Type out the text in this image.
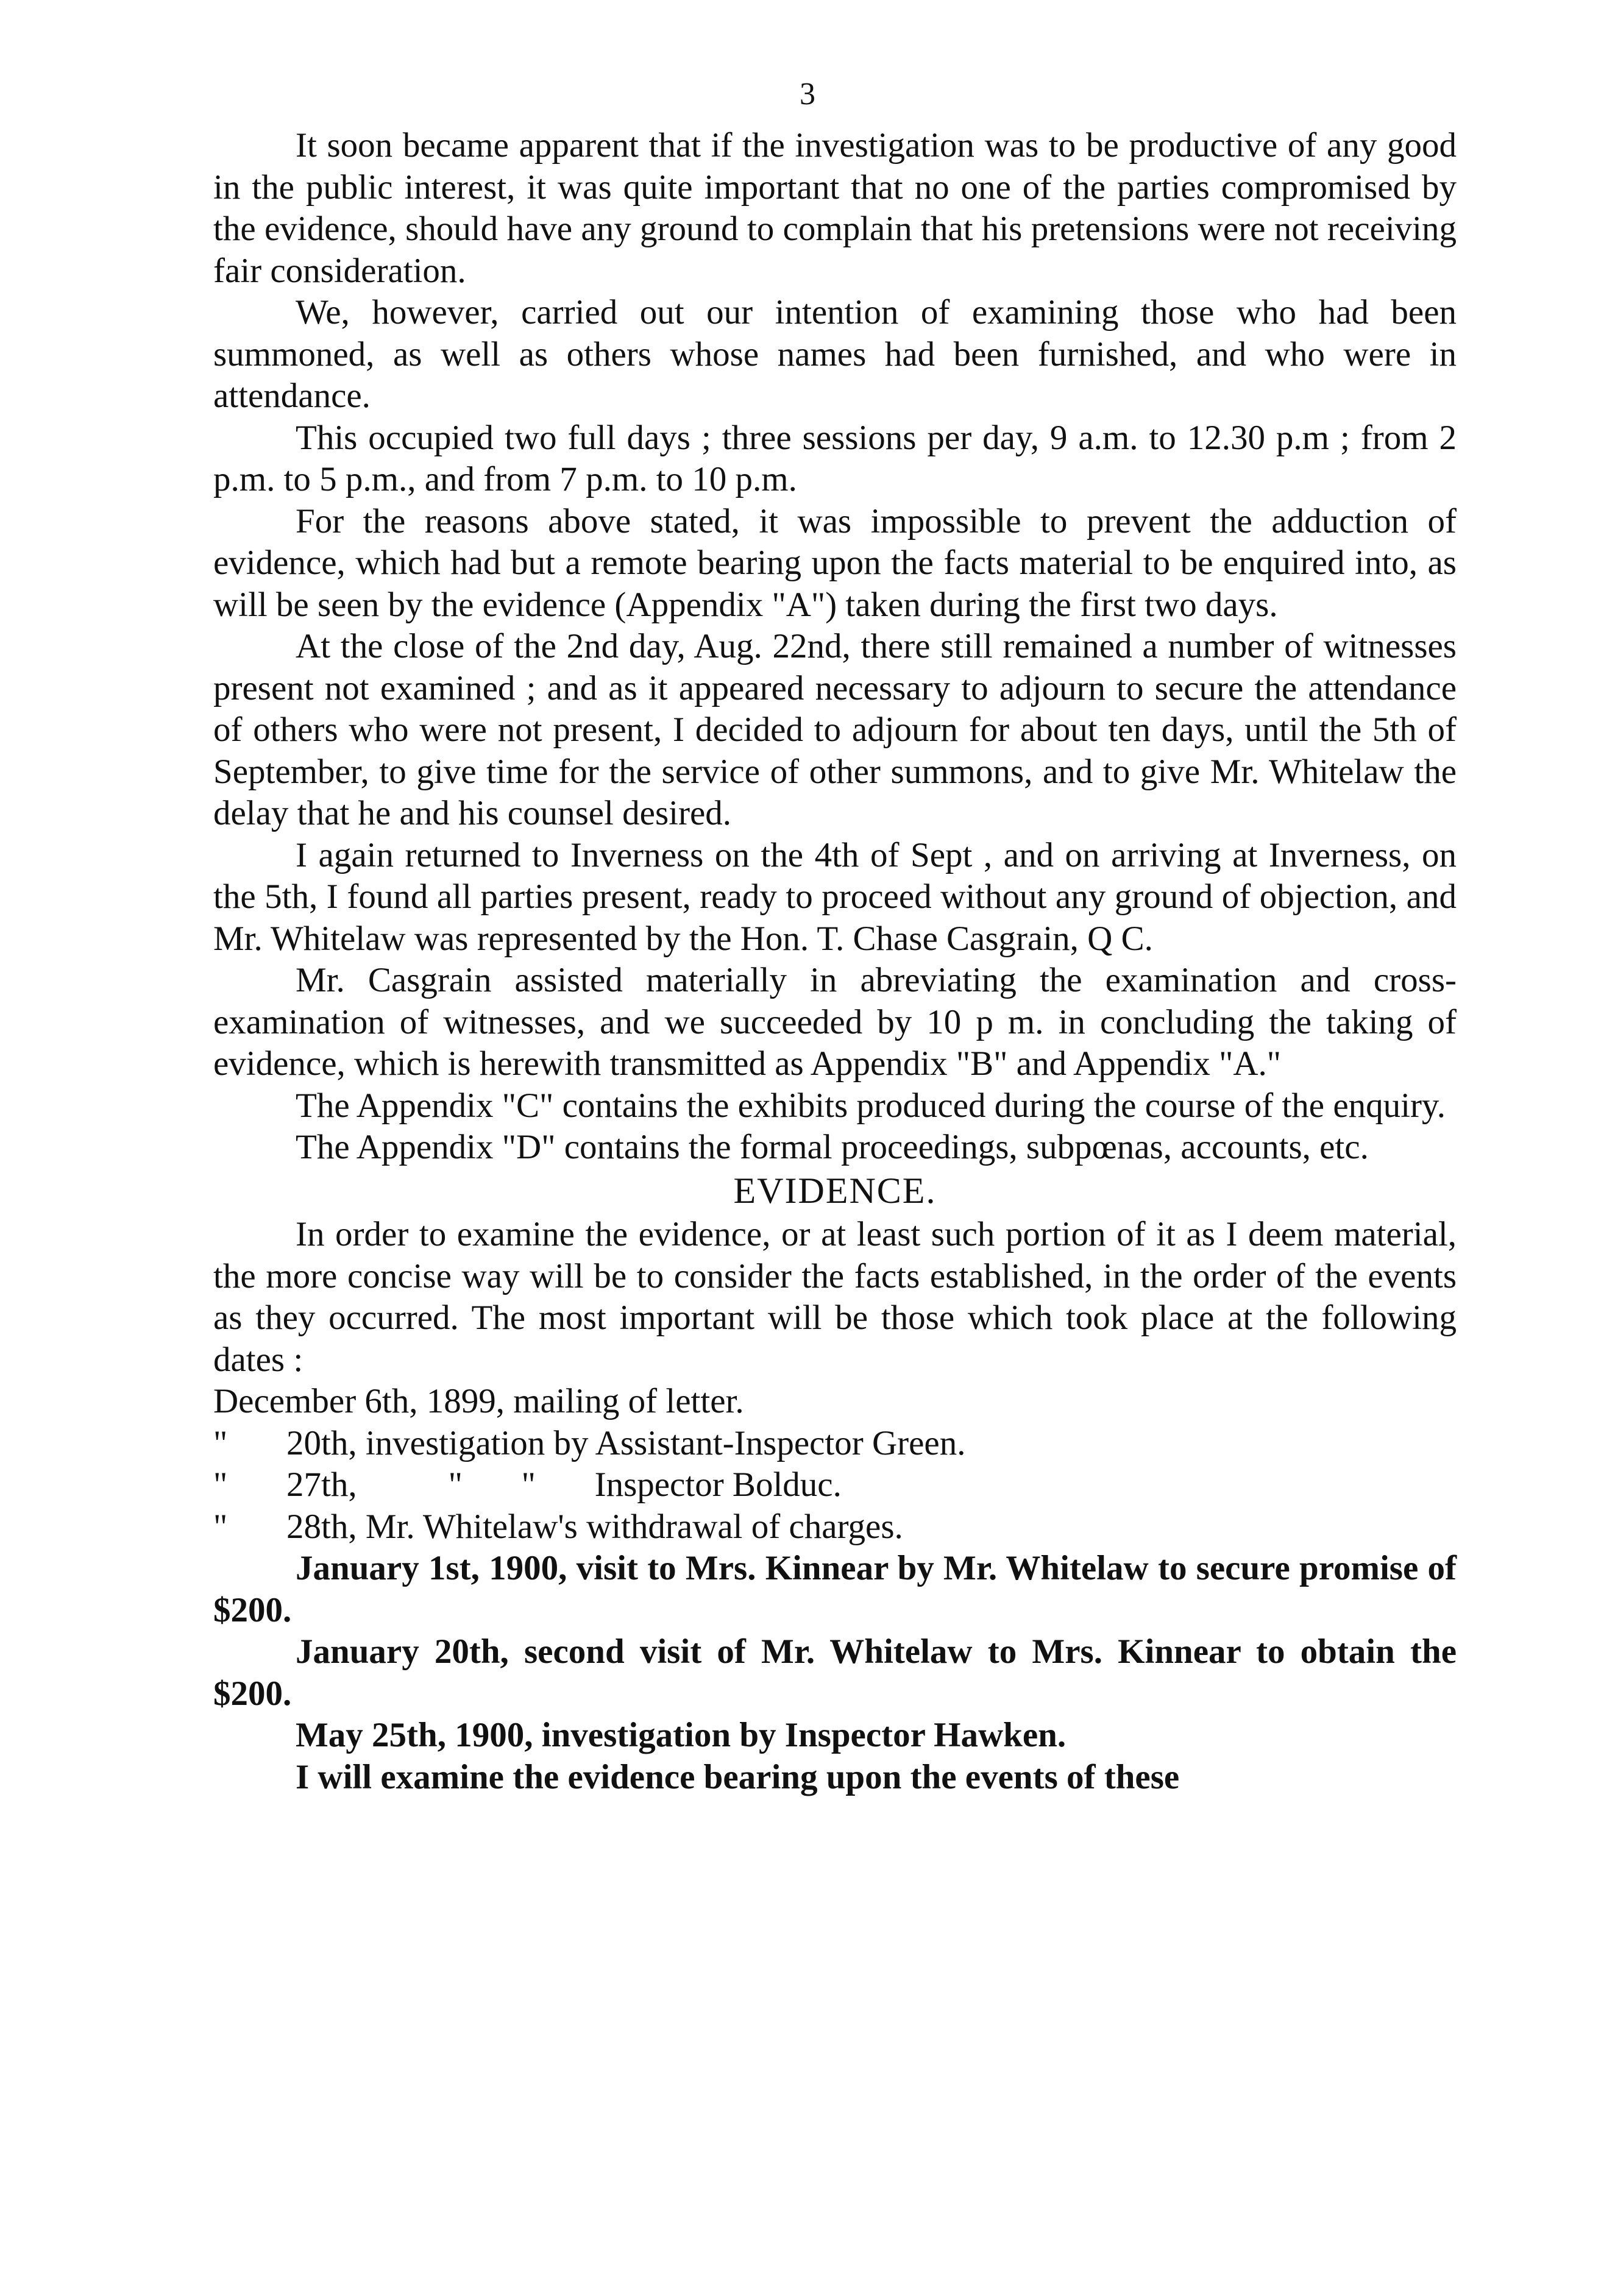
3

It soon became apparent that if the investigation was to be productive of any good in the public interest, it was quite important that no one of the parties compromised by the evidence, should have any ground to complain that his pretensions were not receiving fair consideration.

We, however, carried out our intention of examining those who had been summoned, as well as others whose names had been furnished, and who were in attendance.

This occupied two full days ; three sessions per day, 9 a.m. to 12.30 p.m ; from 2 p.m. to 5 p.m., and from 7 p.m. to 10 p.m.

For the reasons above stated, it was impossible to prevent the adduction of evidence, which had but a remote bearing upon the facts material to be enquired into, as will be seen by the evidence (Appendix "A") taken during the first two days.

At the close of the 2nd day, Aug. 22nd, there still remained a number of witnesses present not examined ; and as it appeared necessary to adjourn to secure the attendance of others who were not present, I decided to adjourn for about ten days, until the 5th of September, to give time for the service of other summons, and to give Mr. Whitelaw the delay that he and his counsel desired.

I again returned to Inverness on the 4th of Sept , and on arriving at Inverness, on the 5th, I found all parties present, ready to proceed without any ground of objection, and Mr. Whitelaw was represented by the Hon. T. Chase Casgrain, Q C.

Mr. Casgrain assisted materially in abreviating the examination and cross-examination of witnesses, and we succeeded by 10 p m. in concluding the taking of evidence, which is herewith transmitted as Appendix "B" and Appendix "A."

The Appendix "C" contains the exhibits produced during the course of the enquiry.

The Appendix "D" contains the formal proceedings, subpœnas, accounts, etc.

EVIDENCE.

In order to examine the evidence, or at least such portion of it as I deem material, the more concise way will be to consider the facts established, in the order of the events as they occurred. The most important will be those which took place at the following dates :

December 6th, 1899, mailing of letter.
" 20th, investigation by Assistant-Inspector Green.
" 27th,	" " Inspector Bolduc.
" 28th, Mr. Whitelaw's withdrawal of charges.

January 1st, 1900, visit to Mrs. Kinnear by Mr. Whitelaw to secure promise of $200.

January 20th, second visit of Mr. Whitelaw to Mrs. Kinnear to obtain the $200.

May 25th, 1900, investigation by Inspector Hawken.

I will examine the evidence bearing upon the events of these
